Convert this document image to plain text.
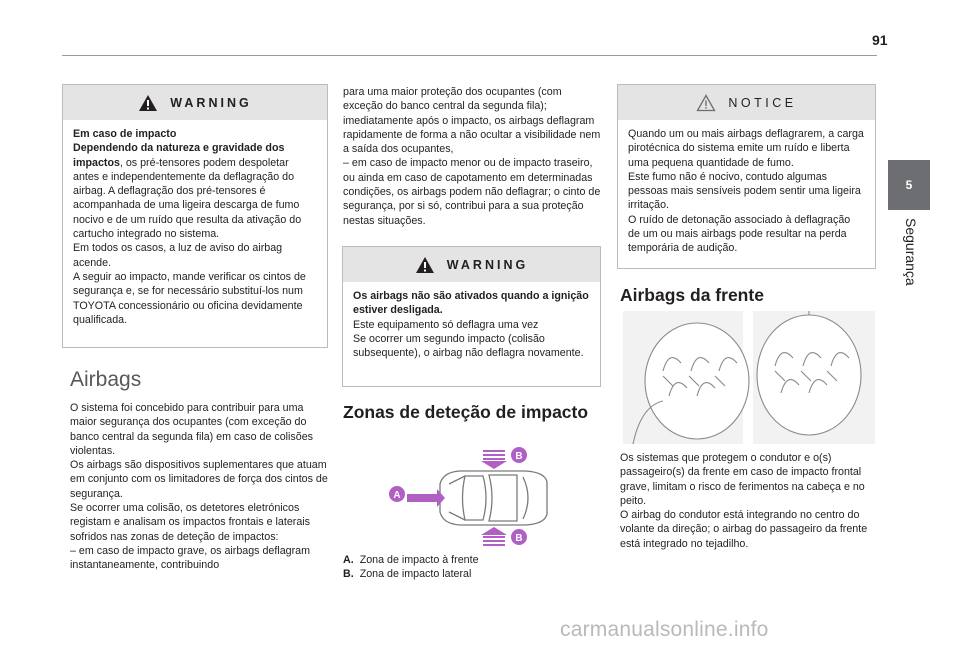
91
5
Segurança
WARNING

Em caso de impacto
Dependendo da natureza e gravidade dos impactos, os pré-tensores podem despoletar antes e independentemente da deflagração do airbag. A deflagração dos pré-tensores é acompanhada de uma ligeira descarga de fumo nocivo e de um ruído que resulta da ativação do cartucho integrado no sistema.
Em todos os casos, a luz de aviso do airbag acende.
A seguir ao impacto, mande verificar os cintos de segurança e, se for necessário substituí-los num TOYOTA concessionário ou oficina devidamente qualificada.

Airbags
O sistema foi concebido para contribuir para uma maior segurança dos ocupantes (com exceção do banco central da segunda fila) em caso de colisões violentas.
Os airbags são dispositivos suplementares que atuam em conjunto com os limitadores de força dos cintos de segurança.
Se ocorrer uma colisão, os detetores eletrónicos registam e analisam os impactos frontais e laterais sofridos nas zonas de deteção de impactos:
– em caso de impacto grave, os airbags deflagram instantaneamente, contribuindo
para uma maior proteção dos ocupantes (com exceção do banco central da segunda fila); imediatamente após o impacto, os airbags deflagram rapidamente de forma a não ocultar a visibilidade nem a saída dos ocupantes,
– em caso de impacto menor ou de impacto traseiro, ou ainda em caso de capotamento em determinadas condições, os airbags podem não deflagrar; o cinto de segurança, por si só, contribui para a sua proteção nestas situações.
WARNING

Os airbags não são ativados quando a ignição estiver desligada.
Este equipamento só deflagra uma vez
Se ocorrer um segundo impacto (colisão subsequente), o airbag não deflagra novamente.

Zonas de deteção de impacto
A
B
B
A. Zona de impacto à frente
B. Zona de impacto lateral
NOTICE
Quando um ou mais airbags deflagrarem, a carga pirotécnica do sistema emite um ruído e liberta uma pequena quantidade de fumo.
Este fumo não é nocivo, contudo algumas pessoas mais sensíveis podem sentir uma ligeira irritação.
O ruído de detonação associado à deflagração de um ou mais airbags pode resultar na perda temporária de audição.
Airbags da frente
Os sistemas que protegem o condutor e o(s) passageiro(s) da frente em caso de impacto frontal grave, limitam o risco de ferimentos na cabeça e no peito.
O airbag do condutor está integrando no centro do volante da direção; o airbag do passageiro da frente está integrado no tejadilho.
carmanualsonline.info
